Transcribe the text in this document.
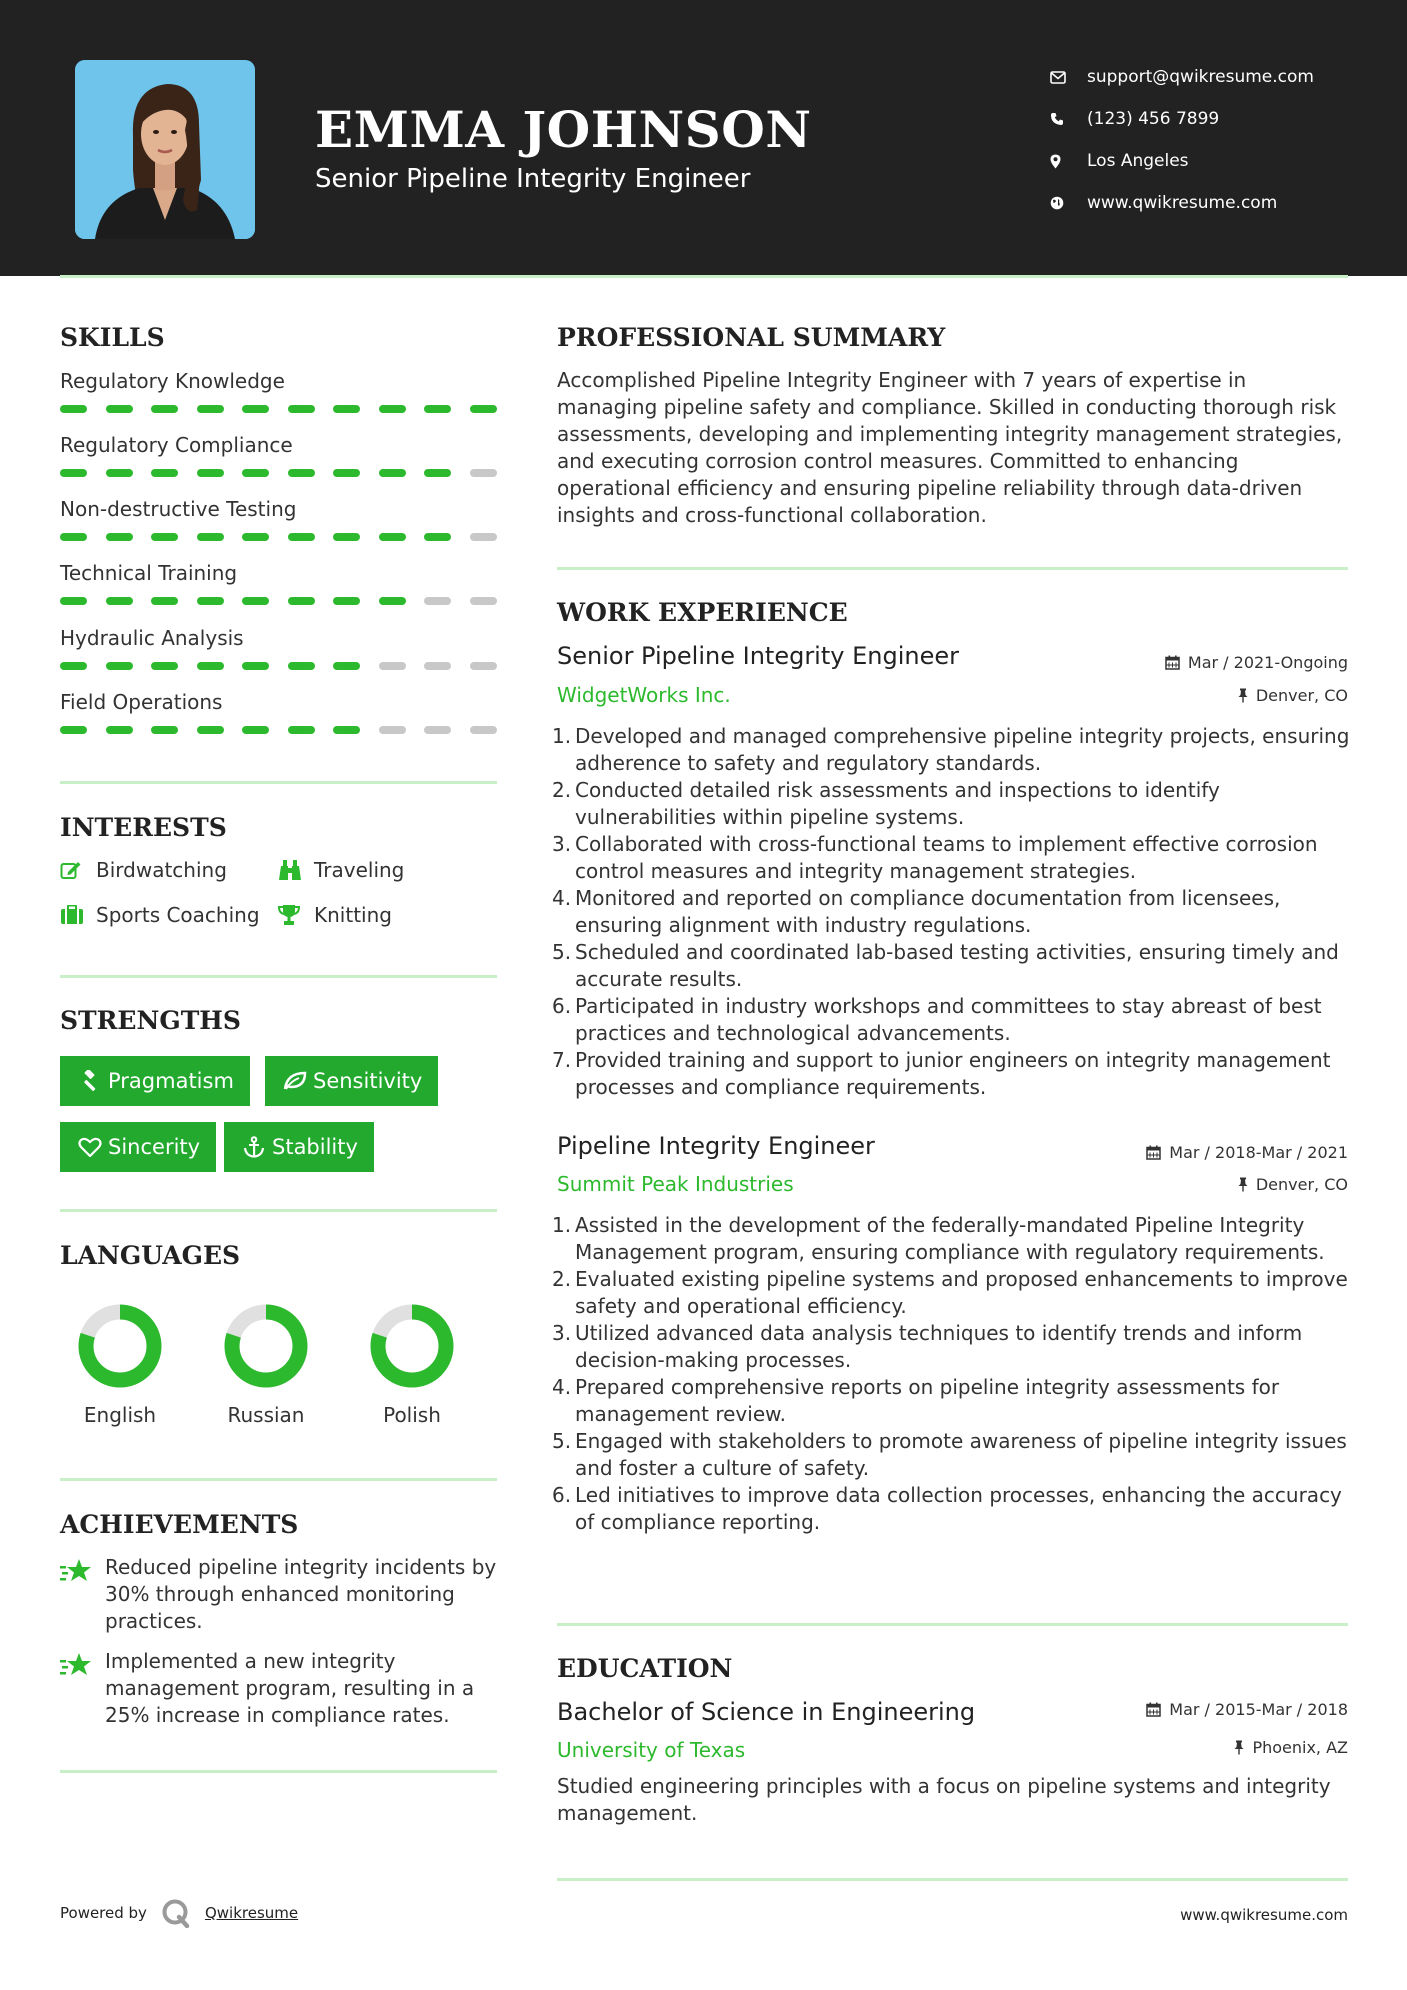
EMMA JOHNSON
Senior Pipeline Integrity Engineer
support@qwikresume.com
(123) 456 7899
Los Angeles
www.qwikresume.com
SKILLS
Regulatory Knowledge
Regulatory Compliance
Non-destructive Testing
Technical Training
Hydraulic Analysis
Field Operations
INTERESTS
Birdwatching	Traveling
Sports Coaching	Knitting
STRENGTHS
Pragmatism	Sensitivity
Sincerity	Stability
LANGUAGES
English	Russian	Polish
ACHIEVEMENTS
Reduced pipeline integrity incidents by 30% through enhanced monitoring practices.
Implemented a new integrity management program, resulting in a 25% increase in compliance rates.
PROFESSIONAL SUMMARY
Accomplished Pipeline Integrity Engineer with 7 years of expertise in managing pipeline safety and compliance. Skilled in conducting thorough risk assessments, developing and implementing integrity management strategies, and executing corrosion control measures. Committed to enhancing operational efficiency and ensuring pipeline reliability through data-driven insights and cross-functional collaboration.
WORK EXPERIENCE
Senior Pipeline Integrity Engineer	Mar / 2021-Ongoing
WidgetWorks Inc.	Denver, CO
1. Developed and managed comprehensive pipeline integrity projects, ensuring adherence to safety and regulatory standards.
2. Conducted detailed risk assessments and inspections to identify vulnerabilities within pipeline systems.
3. Collaborated with cross-functional teams to implement effective corrosion control measures and integrity management strategies.
4. Monitored and reported on compliance documentation from licensees, ensuring alignment with industry regulations.
5. Scheduled and coordinated lab-based testing activities, ensuring timely and accurate results.
6. Participated in industry workshops and committees to stay abreast of best practices and technological advancements.
7. Provided training and support to junior engineers on integrity management processes and compliance requirements.
Pipeline Integrity Engineer	Mar / 2018-Mar / 2021
Summit Peak Industries	Denver, CO
1. Assisted in the development of the federally-mandated Pipeline Integrity Management program, ensuring compliance with regulatory requirements.
2. Evaluated existing pipeline systems and proposed enhancements to improve safety and operational efficiency.
3. Utilized advanced data analysis techniques to identify trends and inform decision-making processes.
4. Prepared comprehensive reports on pipeline integrity assessments for management review.
5. Engaged with stakeholders to promote awareness of pipeline integrity issues and foster a culture of safety.
6. Led initiatives to improve data collection processes, enhancing the accuracy of compliance reporting.
EDUCATION
Bachelor of Science in Engineering	Mar / 2015-Mar / 2018
University of Texas	Phoenix, AZ
Studied engineering principles with a focus on pipeline systems and integrity management.
Powered by	Qwikresume	www.qwikresume.com
